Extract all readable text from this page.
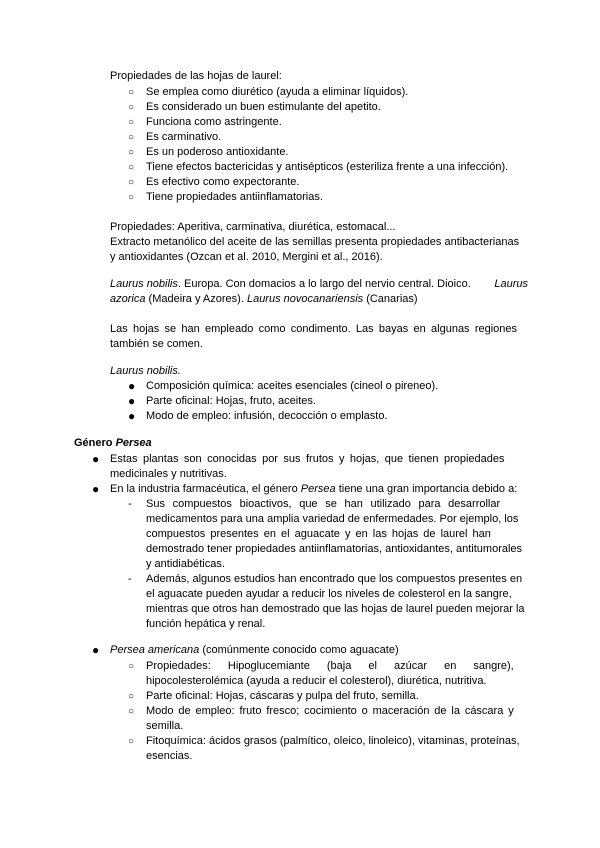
Propiedades de las hojas de laurel:
○ Se emplea como diurético (ayuda a eliminar líquidos).
○ Es considerado un buen estimulante del apetito.
○ Funciona como astringente.
○ Es carminativo.
○ Es un poderoso antioxidante.
○ Tiene efectos bactericidas y antisépticos (esteriliza frente a una infección).
○ Es efectivo como expectorante.
○ Tiene propiedades antiinflamatorias.
Propiedades: Aperitiva, carminativa, diurética, estomacal...
Extracto metanólico del aceite de las semillas presenta propiedades antibacterianas
y antioxidantes (Ozcan et al. 2010, Mergini et al., 2016).
Laurus nobilis. Europa. Con domacios a lo largo del nervio central. Dioico. Laurus
azorica (Madeira y Azores). Laurus novocanariensis (Canarias)
Las hojas se han empleado como condimento. Las bayas en algunas regiones
también se comen.
Laurus nobilis.
● Composición química: aceites esenciales (cineol o pireneo).
● Parte oficinal: Hojas, fruto, aceites.
● Modo de empleo: infusión, decocción o emplasto.
Género Persea
● Estas plantas son conocidas por sus frutos y hojas, que tienen propiedades
medicinales y nutritivas.
● En la industria farmacéutica, el género Persea tiene una gran importancia debido a:
- Sus compuestos bioactivos, que se han utilizado para desarrollar
medicamentos para una amplia variedad de enfermedades. Por ejemplo, los
compuestos presentes en el aguacate y en las hojas de laurel han
demostrado tener propiedades antiinflamatorias, antioxidantes, antitumorales
y antidiabéticas.
- Además, algunos estudios han encontrado que los compuestos presentes en
el aguacate pueden ayudar a reducir los niveles de colesterol en la sangre,
mientras que otros han demostrado que las hojas de laurel pueden mejorar la
función hepática y renal.
● Persea americana (comúnmente conocido como aguacate)
○ Propiedades: Hipoglucemiante (baja el azúcar en sangre),
hipocolesterolémica (ayuda a reducir el colesterol), diurética, nutritiva.
○ Parte oficinal: Hojas, cáscaras y pulpa del fruto, semilla.
○ Modo de empleo: fruto fresco; cocimiento o maceración de la cáscara y
semilla.
○ Fitoquímica: ácidos grasos (palmítico, oleico, linoleico), vitaminas, proteínas,
esencias.
